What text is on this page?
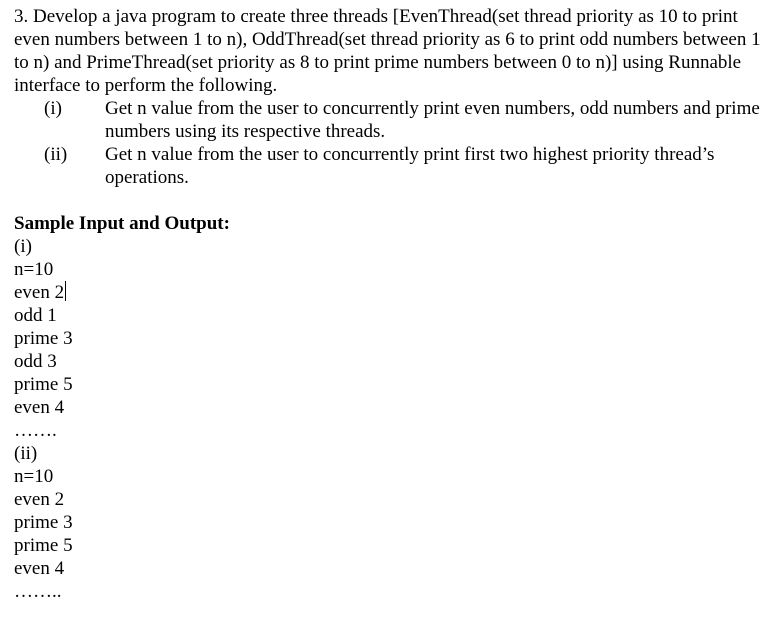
3. Develop a java program to create three threads [EvenThread(set thread priority as 10 to print even numbers between 1 to n), OddThread(set thread priority as 6 to print odd numbers between 1 to n) and PrimeThread(set priority as 8 to print prime numbers between 0 to n)] using Runnable interface to perform the following.

(i) Get n value from the user to concurrently print even numbers, odd numbers and prime numbers using its respective threads.
(ii) Get n value from the user to concurrently print first two highest priority thread’s operations.
Sample Input and Output:
(i)
n=10
even 2
odd 1
prime 3
odd 3
prime 5
even 4
…….
(ii)
n=10
even 2
prime 3
prime 5
even 4
……..
